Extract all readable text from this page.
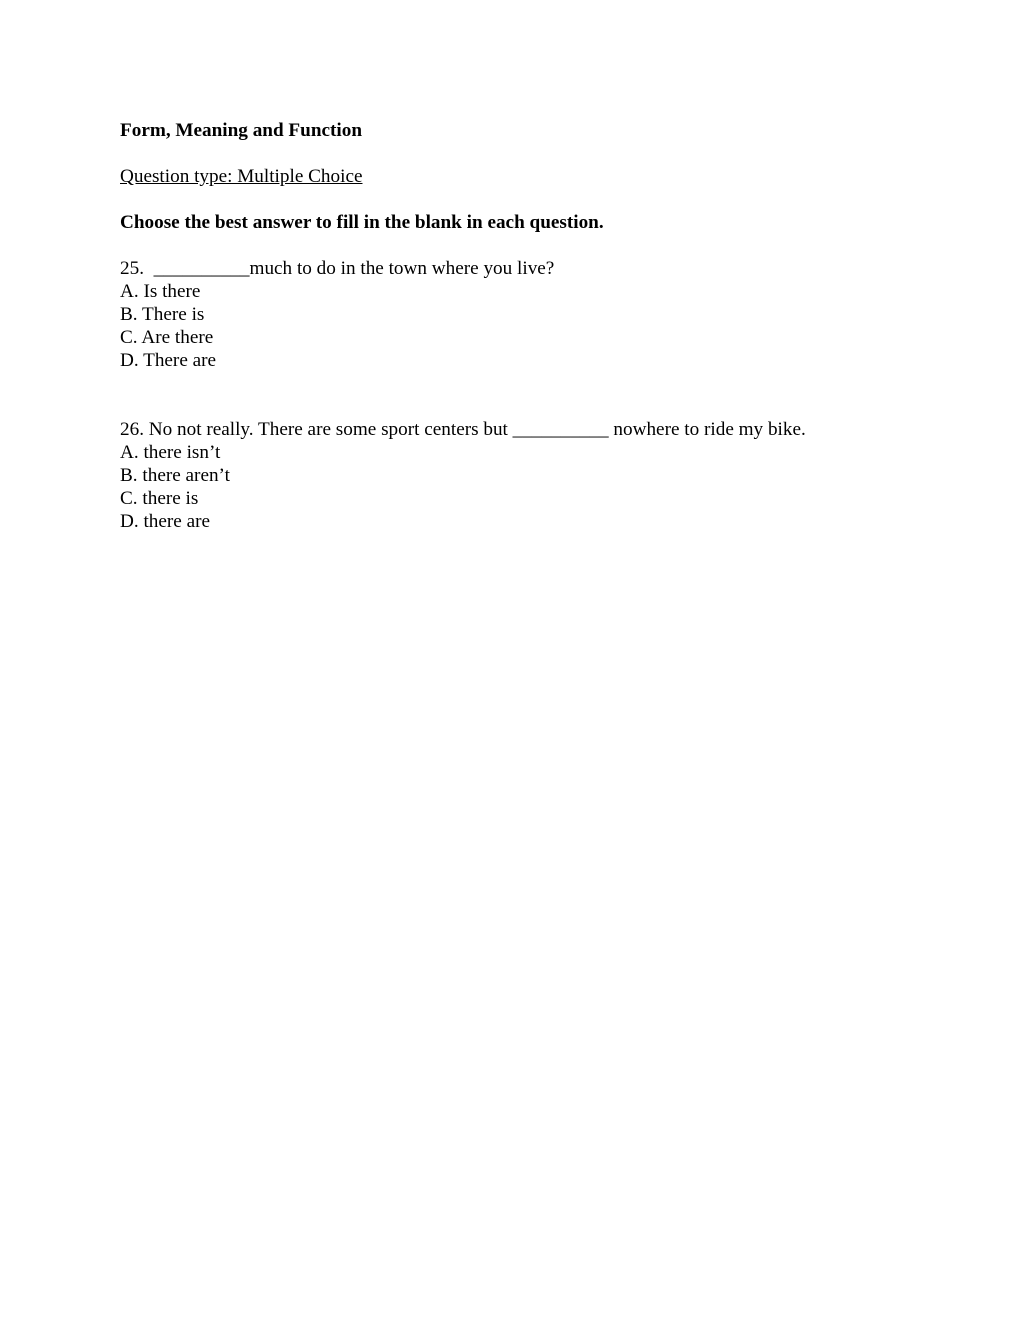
Form, Meaning and Function

Question type: Multiple Choice

Choose the best answer to fill in the blank in each question.

25.  __________much to do in the town where you live?

A. Is there

B. There is

C. Are there

D. There are

26. No not really. There are some sport centers but __________ nowhere to ride my bike.

A. there isn’t

B. there aren’t

C. there is

D. there are
